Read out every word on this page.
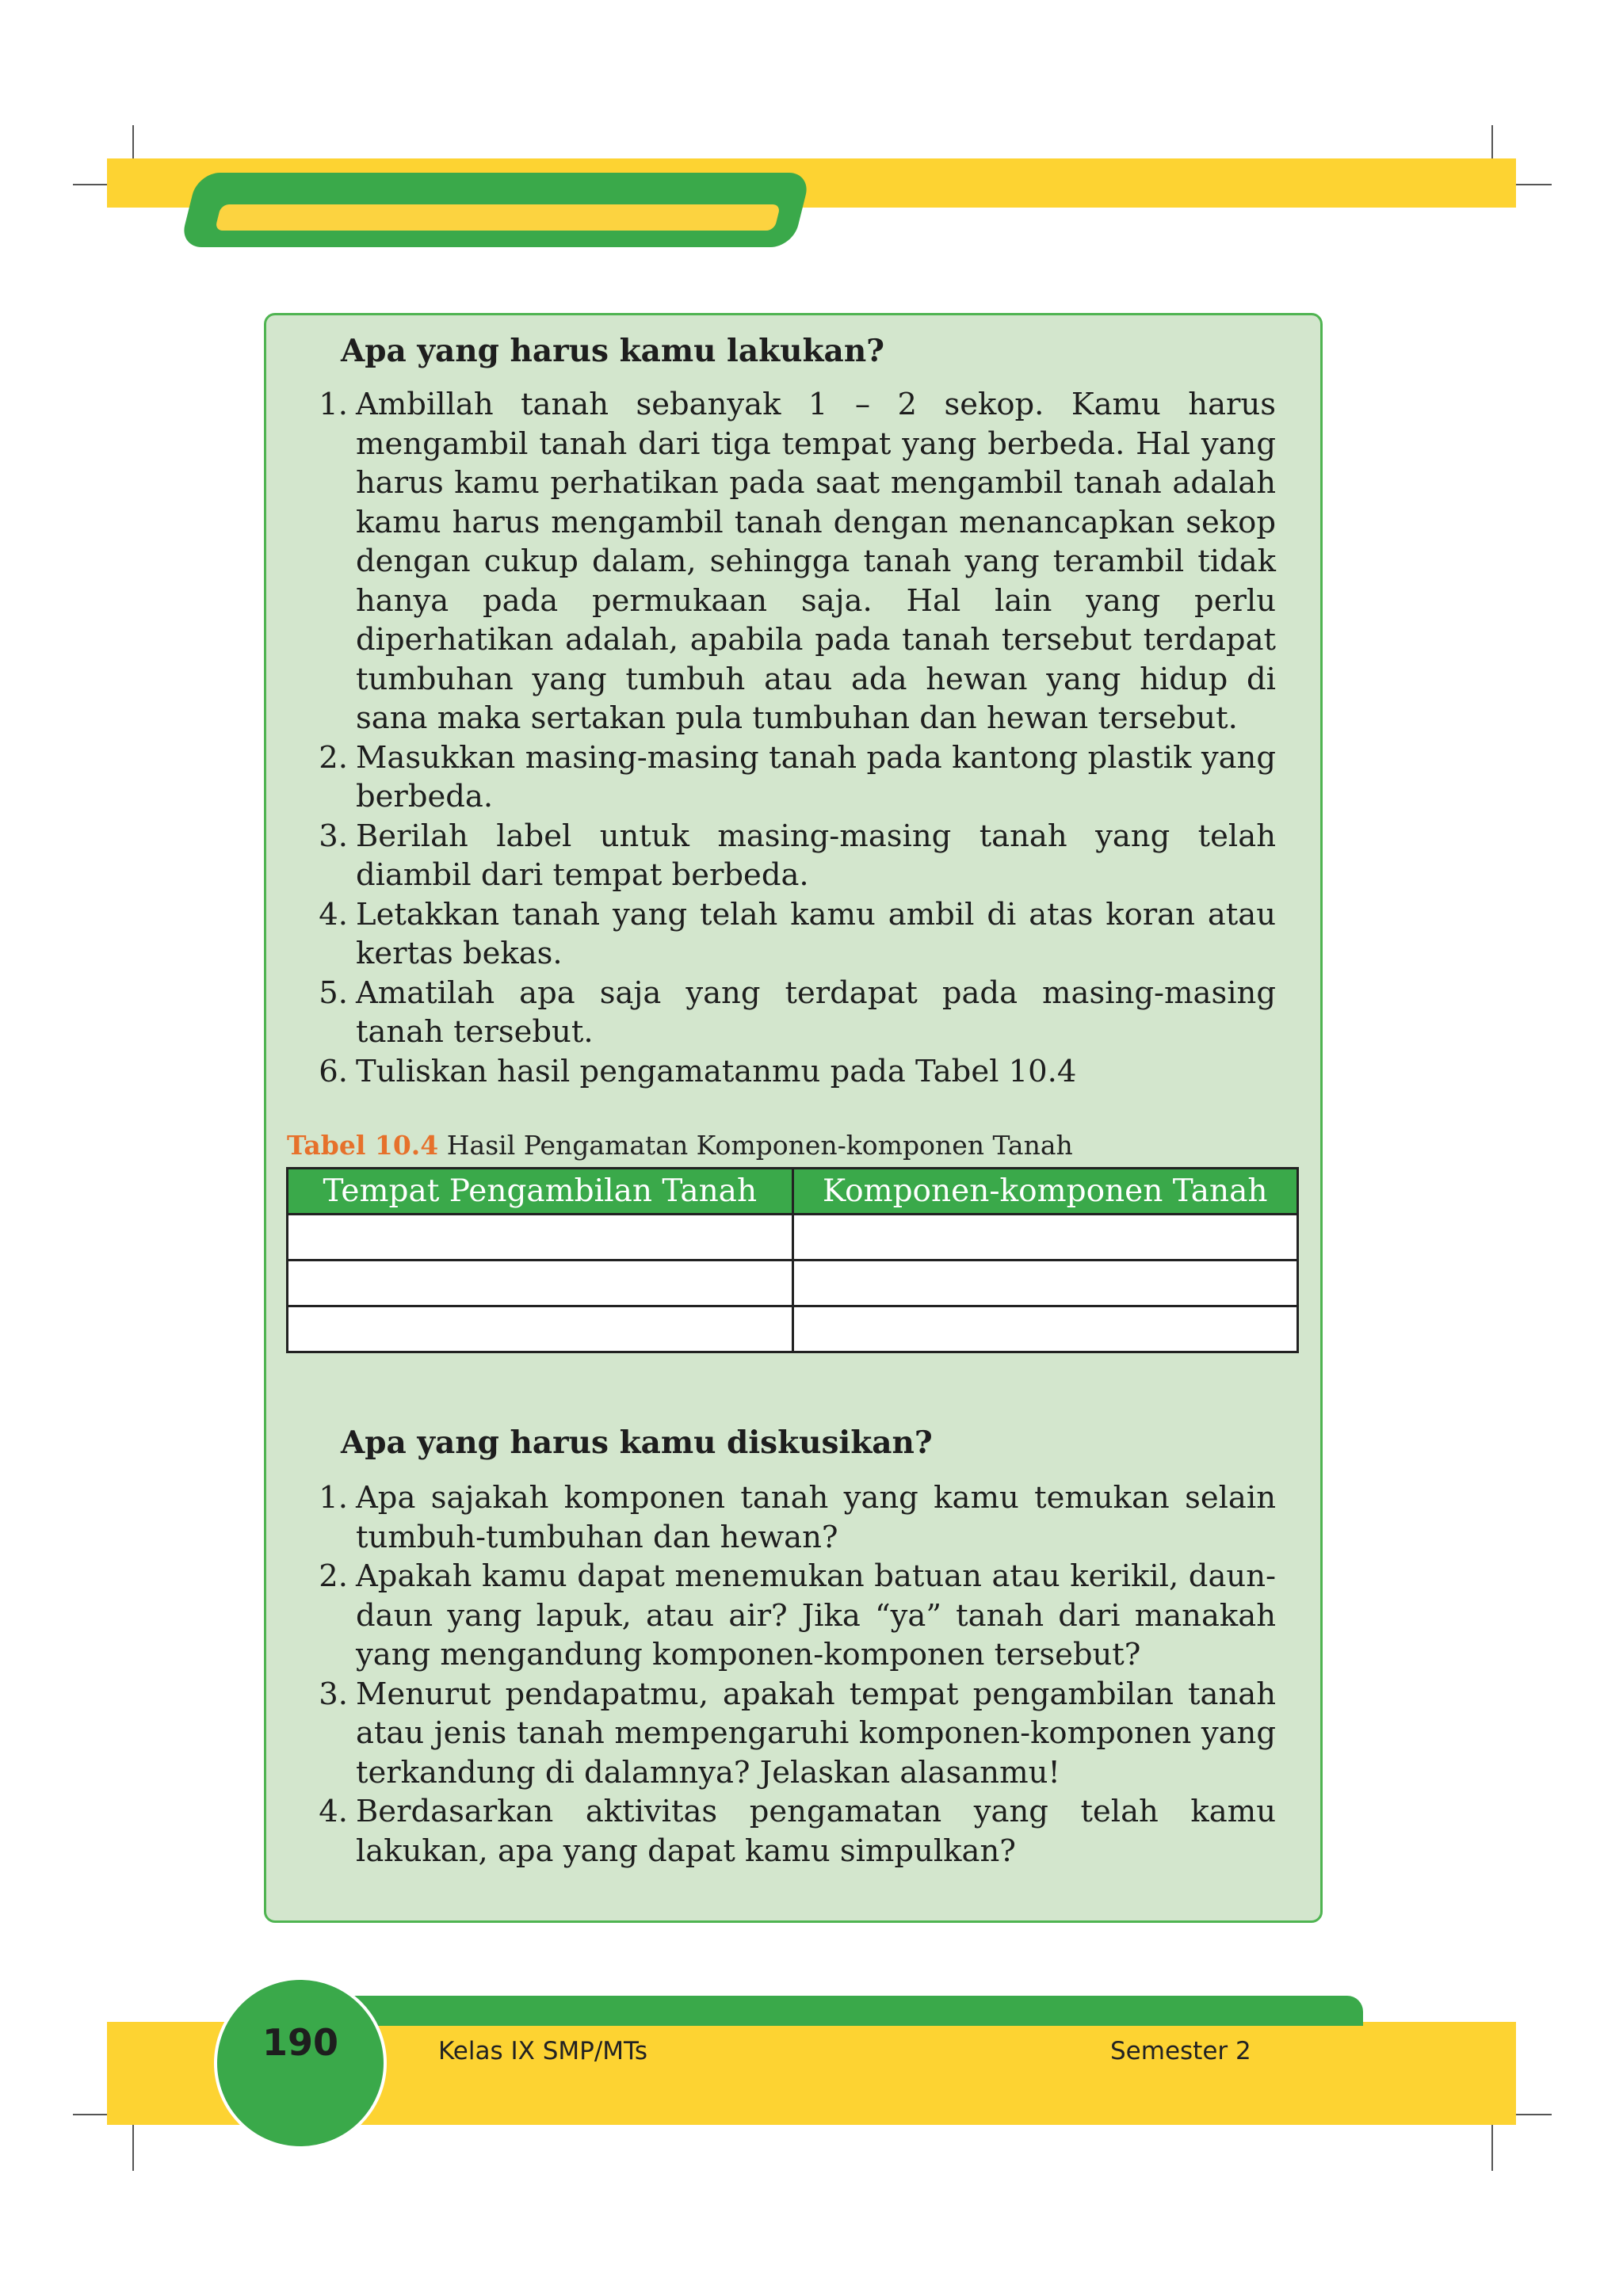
Apa yang harus kamu lakukan?
1. Ambillah tanah sebanyak 1 – 2 sekop. Kamu harus mengambil tanah dari tiga tempat yang berbeda. Hal yang harus kamu perhatikan pada saat mengambil tanah adalah kamu harus mengambil tanah dengan menancapkan sekop dengan cukup dalam, sehingga tanah yang terambil tidak hanya pada permukaan saja. Hal lain yang perlu diperhatikan adalah, apabila pada tanah tersebut terdapat tumbuhan yang tumbuh atau ada hewan yang hidup di sana maka sertakan pula tumbuhan dan hewan tersebut.
2. Masukkan masing-masing tanah pada kantong plastik yang berbeda.
3. Berilah label untuk masing-masing tanah yang telah diambil dari tempat berbeda.
4. Letakkan tanah yang telah kamu ambil di atas koran atau kertas bekas.
5. Amatilah apa saja yang terdapat pada masing-masing tanah tersebut.
6. Tuliskan hasil pengamatanmu pada Tabel 10.4
Tabel 10.4 Hasil Pengamatan Komponen-komponen Tanah
Tempat Pengambilan Tanah	Komponen-komponen Tanah

Apa yang harus kamu diskusikan?
1. Apa sajakah komponen tanah yang kamu temukan selain tumbuh-tumbuhan dan hewan?
2. Apakah kamu dapat menemukan batuan atau kerikil, daun-daun yang lapuk, atau air? Jika “ya” tanah dari manakah yang mengandung komponen-komponen tersebut?
3. Menurut pendapatmu, apakah tempat pengambilan tanah atau jenis tanah mempengaruhi komponen-komponen yang terkandung di dalamnya? Jelaskan alasanmu!
4. Berdasarkan aktivitas pengamatan yang telah kamu lakukan, apa yang dapat kamu simpulkan?
190	Kelas IX SMP/MTs	Semester 2
